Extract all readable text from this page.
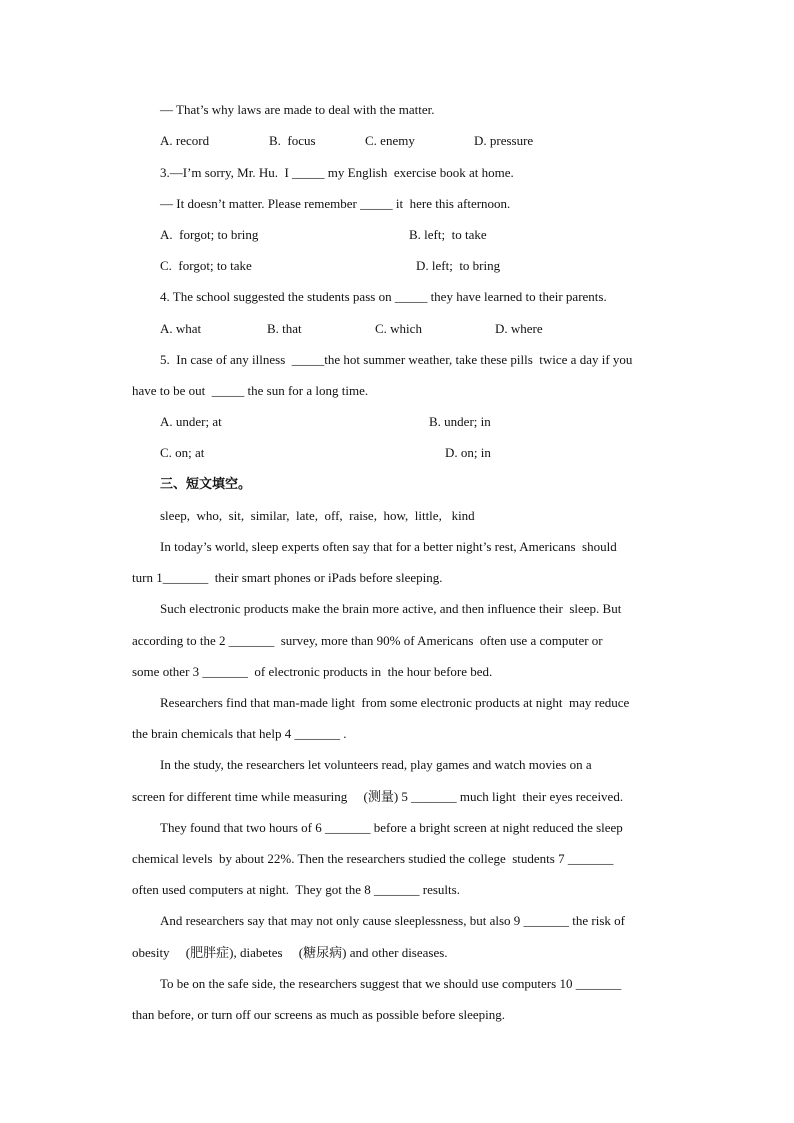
— That’s why laws are made to deal with the matter.
A. record	B.  focus	C. enemy	D. pressure
3.—I’m sorry, Mr. Hu.  I _____ my English  exercise book at home.
— It doesn’t matter. Please remember _____ it  here this afternoon.
A.  forgot; to bring	B. left;  to take
C.  forgot; to take	D. left;  to bring
4. The school suggested the students pass on _____ they have learned to their parents.
A. what	B. that	C. which	D. where
5.  In case of any illness  _____the hot summer weather, take these pills  twice a day if you
have to be out  _____ the sun for a long time.
A. under; at	B. under; in
C. on; at	D. on; in
三、短文填空。
sleep,  who,  sit,  similar,  late,  off,  raise,  how,  little,   kind
In today’s world, sleep experts often say that for a better night’s rest, Americans  should
turn 1_______  their smart phones or iPads before sleeping.
Such electronic products make the brain more active, and then influence their  sleep. But
according to the 2 _______  survey, more than 90% of Americans  often use a computer or
some other 3 _______  of electronic products in  the hour before bed.
Researchers find that man-made light  from some electronic products at night  may reduce
the brain chemicals that help 4 _______ .
In the study, the researchers let volunteers read, play games and watch movies on a
screen for different time while measuring     (测量) 5 _______ much light  their eyes received.
They found that two hours of 6 _______ before a bright screen at night reduced the sleep
chemical levels  by about 22%. Then the researchers studied the college  students 7 _______
often used computers at night.  They got the 8 _______ results.
And researchers say that may not only cause sleeplessness, but also 9 _______ the risk of
obesity     (肥胖症), diabetes     (糖尿病) and other diseases.
To be on the safe side, the researchers suggest that we should use computers 10 _______
than before, or turn off our screens as much as possible before sleeping.
